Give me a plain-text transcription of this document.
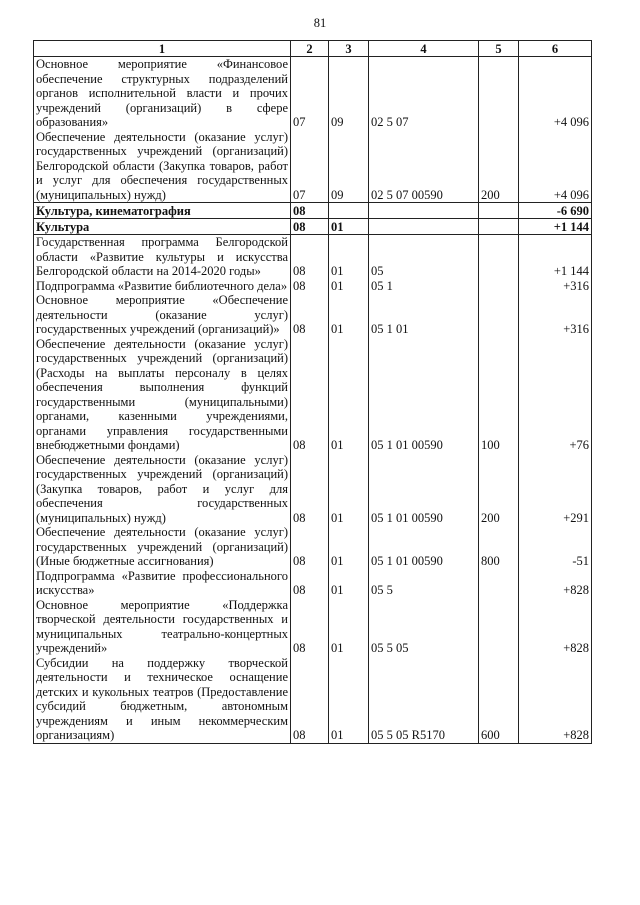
81
1	2	3	4	5	6
Основное мероприятие «Финансовое обеспечение структурных подразделений органов исполнительной власти и прочих учреждений (организаций) в сфере образования»	07	09	02 5 07		+4 096
Обеспечение деятельности (оказание услуг) государственных учреждений (организаций) Белгородской области (Закупка товаров, работ и услуг для обеспечения государственных (муниципальных) нужд)	07	09	02 5 07 00590	200	+4 096
Культура, кинематография	08				-6 690
Культура	08	01			+1 144
Государственная программа Белгородской области «Развитие культуры и искусства Белгородской области на 2014-2020 годы»	08	01	05		+1 144
Подпрограмма «Развитие библиотечного дела»	08	01	05 1		+316
Основное мероприятие «Обеспечение деятельности (оказание услуг) государственных учреждений (организаций)»	08	01	05 1 01		+316
Обеспечение деятельности (оказание услуг) государственных учреждений (организаций) (Расходы на выплаты персоналу в целях обеспечения выполнения функций государственными (муниципальными) органами, казенными учреждениями, органами управления государственными внебюджетными фондами)	08	01	05 1 01 00590	100	+76
Обеспечение деятельности (оказание услуг) государственных учреждений (организаций) (Закупка товаров, работ и услуг для обеспечения государственных (муниципальных) нужд)	08	01	05 1 01 00590	200	+291
Обеспечение деятельности (оказание услуг) государственных учреждений (организаций) (Иные бюджетные ассигнования)	08	01	05 1 01 00590	800	-51
Подпрограмма «Развитие профессионального искусства»	08	01	05 5		+828
Основное мероприятие «Поддержка творческой деятельности государственных и муниципальных театрально-концертных учреждений»	08	01	05 5 05		+828
Субсидии на поддержку творческой деятельности и техническое оснащение детских и кукольных театров (Предоставление субсидий бюджетным, автономным учреждениям и иным некоммерческим организациям)	08	01	05 5 05 R5170	600	+828
